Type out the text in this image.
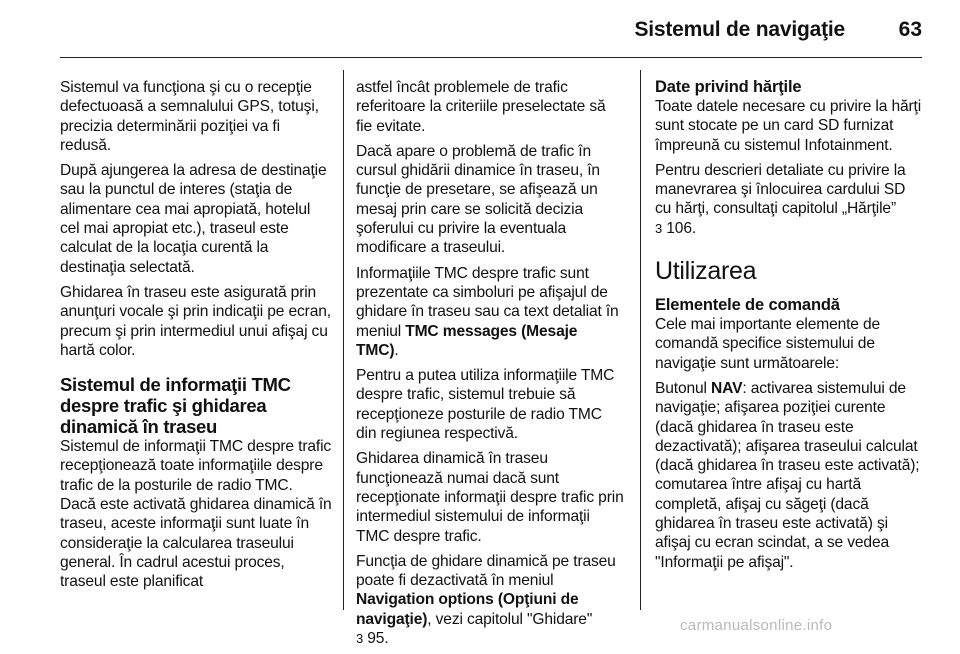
Sistemul de navigaţie	63

Sistemul va funcţiona şi cu o recepţie defectuoasă a semnalului GPS, totuşi, precizia determinării poziţiei va fi redusă.

După ajungerea la adresa de destinaţie sau la punctul de interes (staţia de alimentare cea mai apropiată, hotelul cel mai apropiat etc.), traseul este calculat de la locaţia curentă la destinaţia selectată.

Ghidarea în traseu este asigurată prin anunţuri vocale şi prin indicaţii pe ecran, precum şi prin intermediul unui afişaj cu hartă color.

Sistemul de informaţii TMC despre trafic şi ghidarea dinamică în traseu

Sistemul de informaţii TMC despre trafic recepţionează toate informaţiile despre trafic de la posturile de radio TMC. Dacă este activată ghidarea dinamică în traseu, aceste informaţii sunt luate în consideraţie la calcularea traseului general. În cadrul acestui proces, traseul este planificat

astfel încât problemele de trafic referitoare la criteriile preselectate să fie evitate.

Dacă apare o problemă de trafic în cursul ghidării dinamice în traseu, în funcţie de presetare, se afişează un mesaj prin care se solicită decizia şoferului cu privire la eventuala modificare a traseului.

Informaţiile TMC despre trafic sunt prezentate ca simboluri pe afişajul de ghidare în traseu sau ca text detaliat în meniul TMC messages (Mesaje TMC).

Pentru a putea utiliza informaţiile TMC despre trafic, sistemul trebuie să recepţioneze posturile de radio TMC din regiunea respectivă.

Ghidarea dinamică în traseu funcţionează numai dacă sunt recepţionate informaţii despre trafic prin intermediul sistemului de informaţii TMC despre trafic.

Funcţia de ghidare dinamică pe traseu poate fi dezactivată în meniul Navigation options (Opţiuni de navigaţie), vezi capitolul "Ghidare"
3 95.

Date privind hărţile

Toate datele necesare cu privire la hărţi sunt stocate pe un card SD furnizat împreună cu sistemul Infotainment.

Pentru descrieri detaliate cu privire la manevrarea şi înlocuirea cardului SD cu hărţi, consultaţi capitolul „Hărţile”
3 106.

Utilizarea
Elementele de comandă

Cele mai importante elemente de comandă specifice sistemului de navigaţie sunt următoarele:

Butonul NAV: activarea sistemului de navigaţie; afişarea poziţiei curente (dacă ghidarea în traseu este dezactivată); afişarea traseului calculat (dacă ghidarea în traseu este activată); comutarea între afişaj cu hartă completă, afişaj cu săgeţi (dacă ghidarea în traseu este activată) şi afişaj cu ecran scindat, a se vedea "Informaţii pe afişaj".

carmanualsonline.info
